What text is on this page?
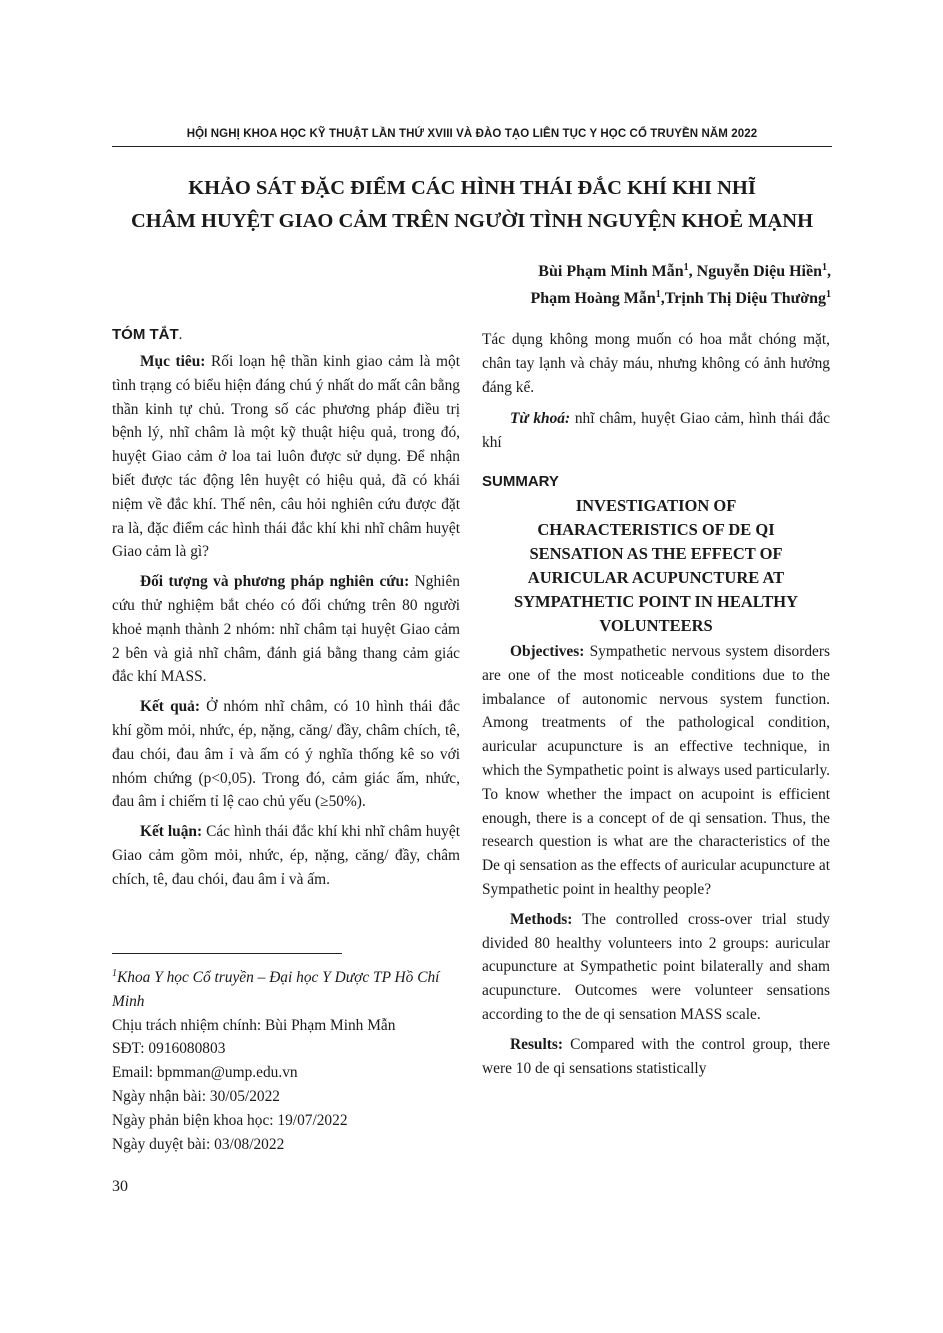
HỘI NGHỊ KHOA HỌC KỸ THUẬT LẦN THỨ XVIII VÀ ĐÀO TẠO LIÊN TỤC Y HỌC CỔ TRUYỀN NĂM 2022
KHẢO SÁT ĐẶC ĐIỂM CÁC HÌNH THÁI ĐẮC KHÍ KHI NHĨ
CHÂM HUYỆT GIAO CẢM TRÊN NGƯỜI TÌNH NGUYỆN KHOẺ MẠNH
Bùi Phạm Minh Mẫn$^1$, Nguyễn Diệu Hiền$^1$,
Phạm Hoàng Mẫn$^1$,Trịnh Thị Diệu Thường$^1$
TÓM TẮT.

Mục tiêu: Rối loạn hệ thần kinh giao cảm là một tình trạng có biểu hiện đáng chú ý nhất do mất cân bằng thần kinh tự chủ. Trong số các phương pháp điều trị bệnh lý, nhĩ châm là một kỹ thuật hiệu quả, trong đó, huyệt Giao cảm ở loa tai luôn được sử dụng. Để nhận biết được tác động lên huyệt có hiệu quả, đã có khái niệm về đắc khí. Thế nên, câu hỏi nghiên cứu được đặt ra là, đặc điểm các hình thái đắc khí khi nhĩ châm huyệt Giao cảm là gì?

Đối tượng và phương pháp nghiên cứu: Nghiên cứu thử nghiệm bắt chéo có đối chứng trên 80 người khoẻ mạnh thành 2 nhóm: nhĩ châm tại huyệt Giao cảm 2 bên và giả nhĩ châm, đánh giá bằng thang cảm giác đắc khí MASS.

Kết quả: Ở nhóm nhĩ châm, có 10 hình thái đắc khí gồm mỏi, nhức, ép, nặng, căng/ đầy, châm chích, tê, đau chói, đau âm ỉ và ấm có ý nghĩa thống kê so với nhóm chứng (p<0,05). Trong đó, cảm giác ấm, nhức, đau âm ỉ chiếm tỉ lệ cao chủ yếu (≥50%).

Kết luận: Các hình thái đắc khí khi nhĩ châm huyệt Giao cảm gồm mỏi, nhức, ép, nặng, căng/ đầy, châm chích, tê, đau chói, đau âm ỉ và ấm.

$^1$Khoa Y học Cổ truyền – Đại học Y Dược TP Hồ Chí Minh
Chịu trách nhiệm chính: Bùi Phạm Minh Mẫn
SĐT: 0916080803
Email: bpmman@ump.edu.vn
Ngày nhận bài: 30/05/2022
Ngày phản biện khoa học: 19/07/2022
Ngày duyệt bài: 03/08/2022
30

Tác dụng không mong muốn có hoa mắt chóng mặt, chân tay lạnh và chảy máu, nhưng không có ảnh hưởng đáng kể.

Từ khoá: nhĩ châm, huyệt Giao cảm, hình thái đắc khí

SUMMARY
INVESTIGATION OF
CHARACTERISTICS OF DE QI
SENSATION AS THE EFFECT OF
AURICULAR ACUPUNCTURE AT
SYMPATHETIC POINT IN HEALTHY
VOLUNTEERS

Objectives: Sympathetic nervous system disorders are one of the most noticeable conditions due to the imbalance of autonomic nervous system function. Among treatments of the pathological condition, auricular acupuncture is an effective technique, in which the Sympathetic point is always used particularly. To know whether the impact on acupoint is efficient enough, there is a concept of de qi sensation. Thus, the research question is what are the characteristics of the De qi sensation as the effects of auricular acupuncture at Sympathetic point in healthy people?

Methods: The controlled cross-over trial study divided 80 healthy volunteers into 2 groups: auricular acupuncture at Sympathetic point bilaterally and sham acupuncture. Outcomes were volunteer sensations according to the de qi sensation MASS scale.

Results: Compared with the control group, there were 10 de qi sensations statistically
